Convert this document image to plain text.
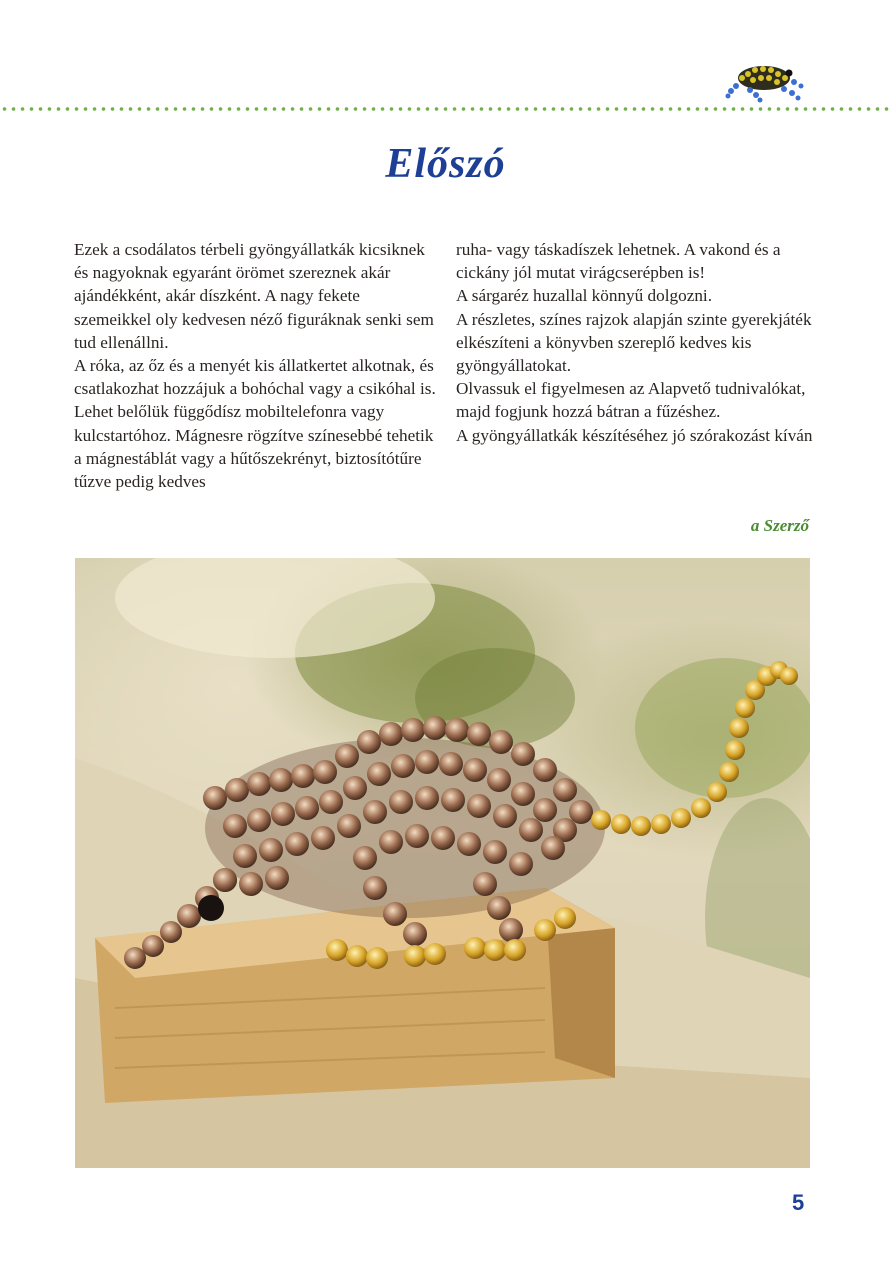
Előszó

Ezek a csodálatos térbeli gyöngyállatkák kicsiknek és nagyoknak egyaránt örömet szereznek akár ajándékként, akár díszként. A nagy fekete szemeikkel oly kedvesen néző figuráknak senki sem tud ellenállni.

A róka, az őz és a menyét kis állatkertet alkotnak, és csatlakozhat hozzájuk a bohóchal vagy a csikóhal is. Lehet belőlük függődísz mobiltelefonra vagy kulcstartóhoz. Mágnesre rögzítve színesebbé tehetik a mágnestáblát vagy a hűtőszekrényt, biztosítótűre tűzve pedig kedves

ruha- vagy táskadíszek lehetnek. A vakond és a cickány jól mutat virágcserépben is!

A sárgaréz huzallal könnyű dolgozni.

A részletes, színes rajzok alapján szinte gyerekjáték elkészíteni a könyvben szereplő kedves kis gyöngyállatokat.

Olvassuk el figyelmesen az Alapvető tudnivalókat, majd fogjunk hozzá bátran a fűzéshez.

A gyöngyállatkák készítéséhez jó szórakozást kíván

a Szerző

5
